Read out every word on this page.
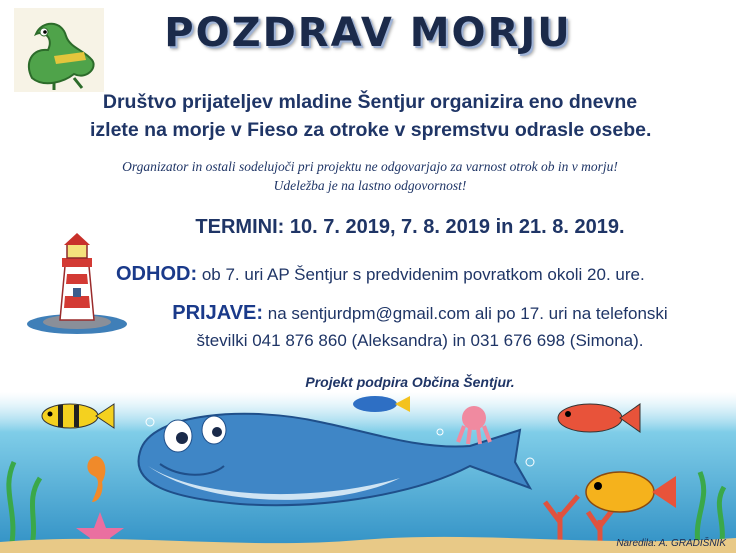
POZDRAV MORJU
Društvo prijateljev mladine Šentjur organizira eno dnevne
izlete na morje v Fieso za otroke v spremstvu odrasle osebe.
Organizator in ostali sodelujoči pri projektu ne odgovarjajo za varnost otrok ob in v morju!
Udeležba je na lastno odgovornost!
TERMINI: 10. 7. 2019, 7. 8. 2019 in 21. 8. 2019.
ODHOD: ob 7. uri AP Šentjur s predvidenim povratkom okoli 20. ure.
PRIJAVE: na sentjurdpm@gmail.com ali po 17. uri na telefonski
številki 041 876 860 (Aleksandra) in 031 676 698 (Simona).
Projekt podpira Občina Šentjur.
Naredila: A. GRADIŠNIK
